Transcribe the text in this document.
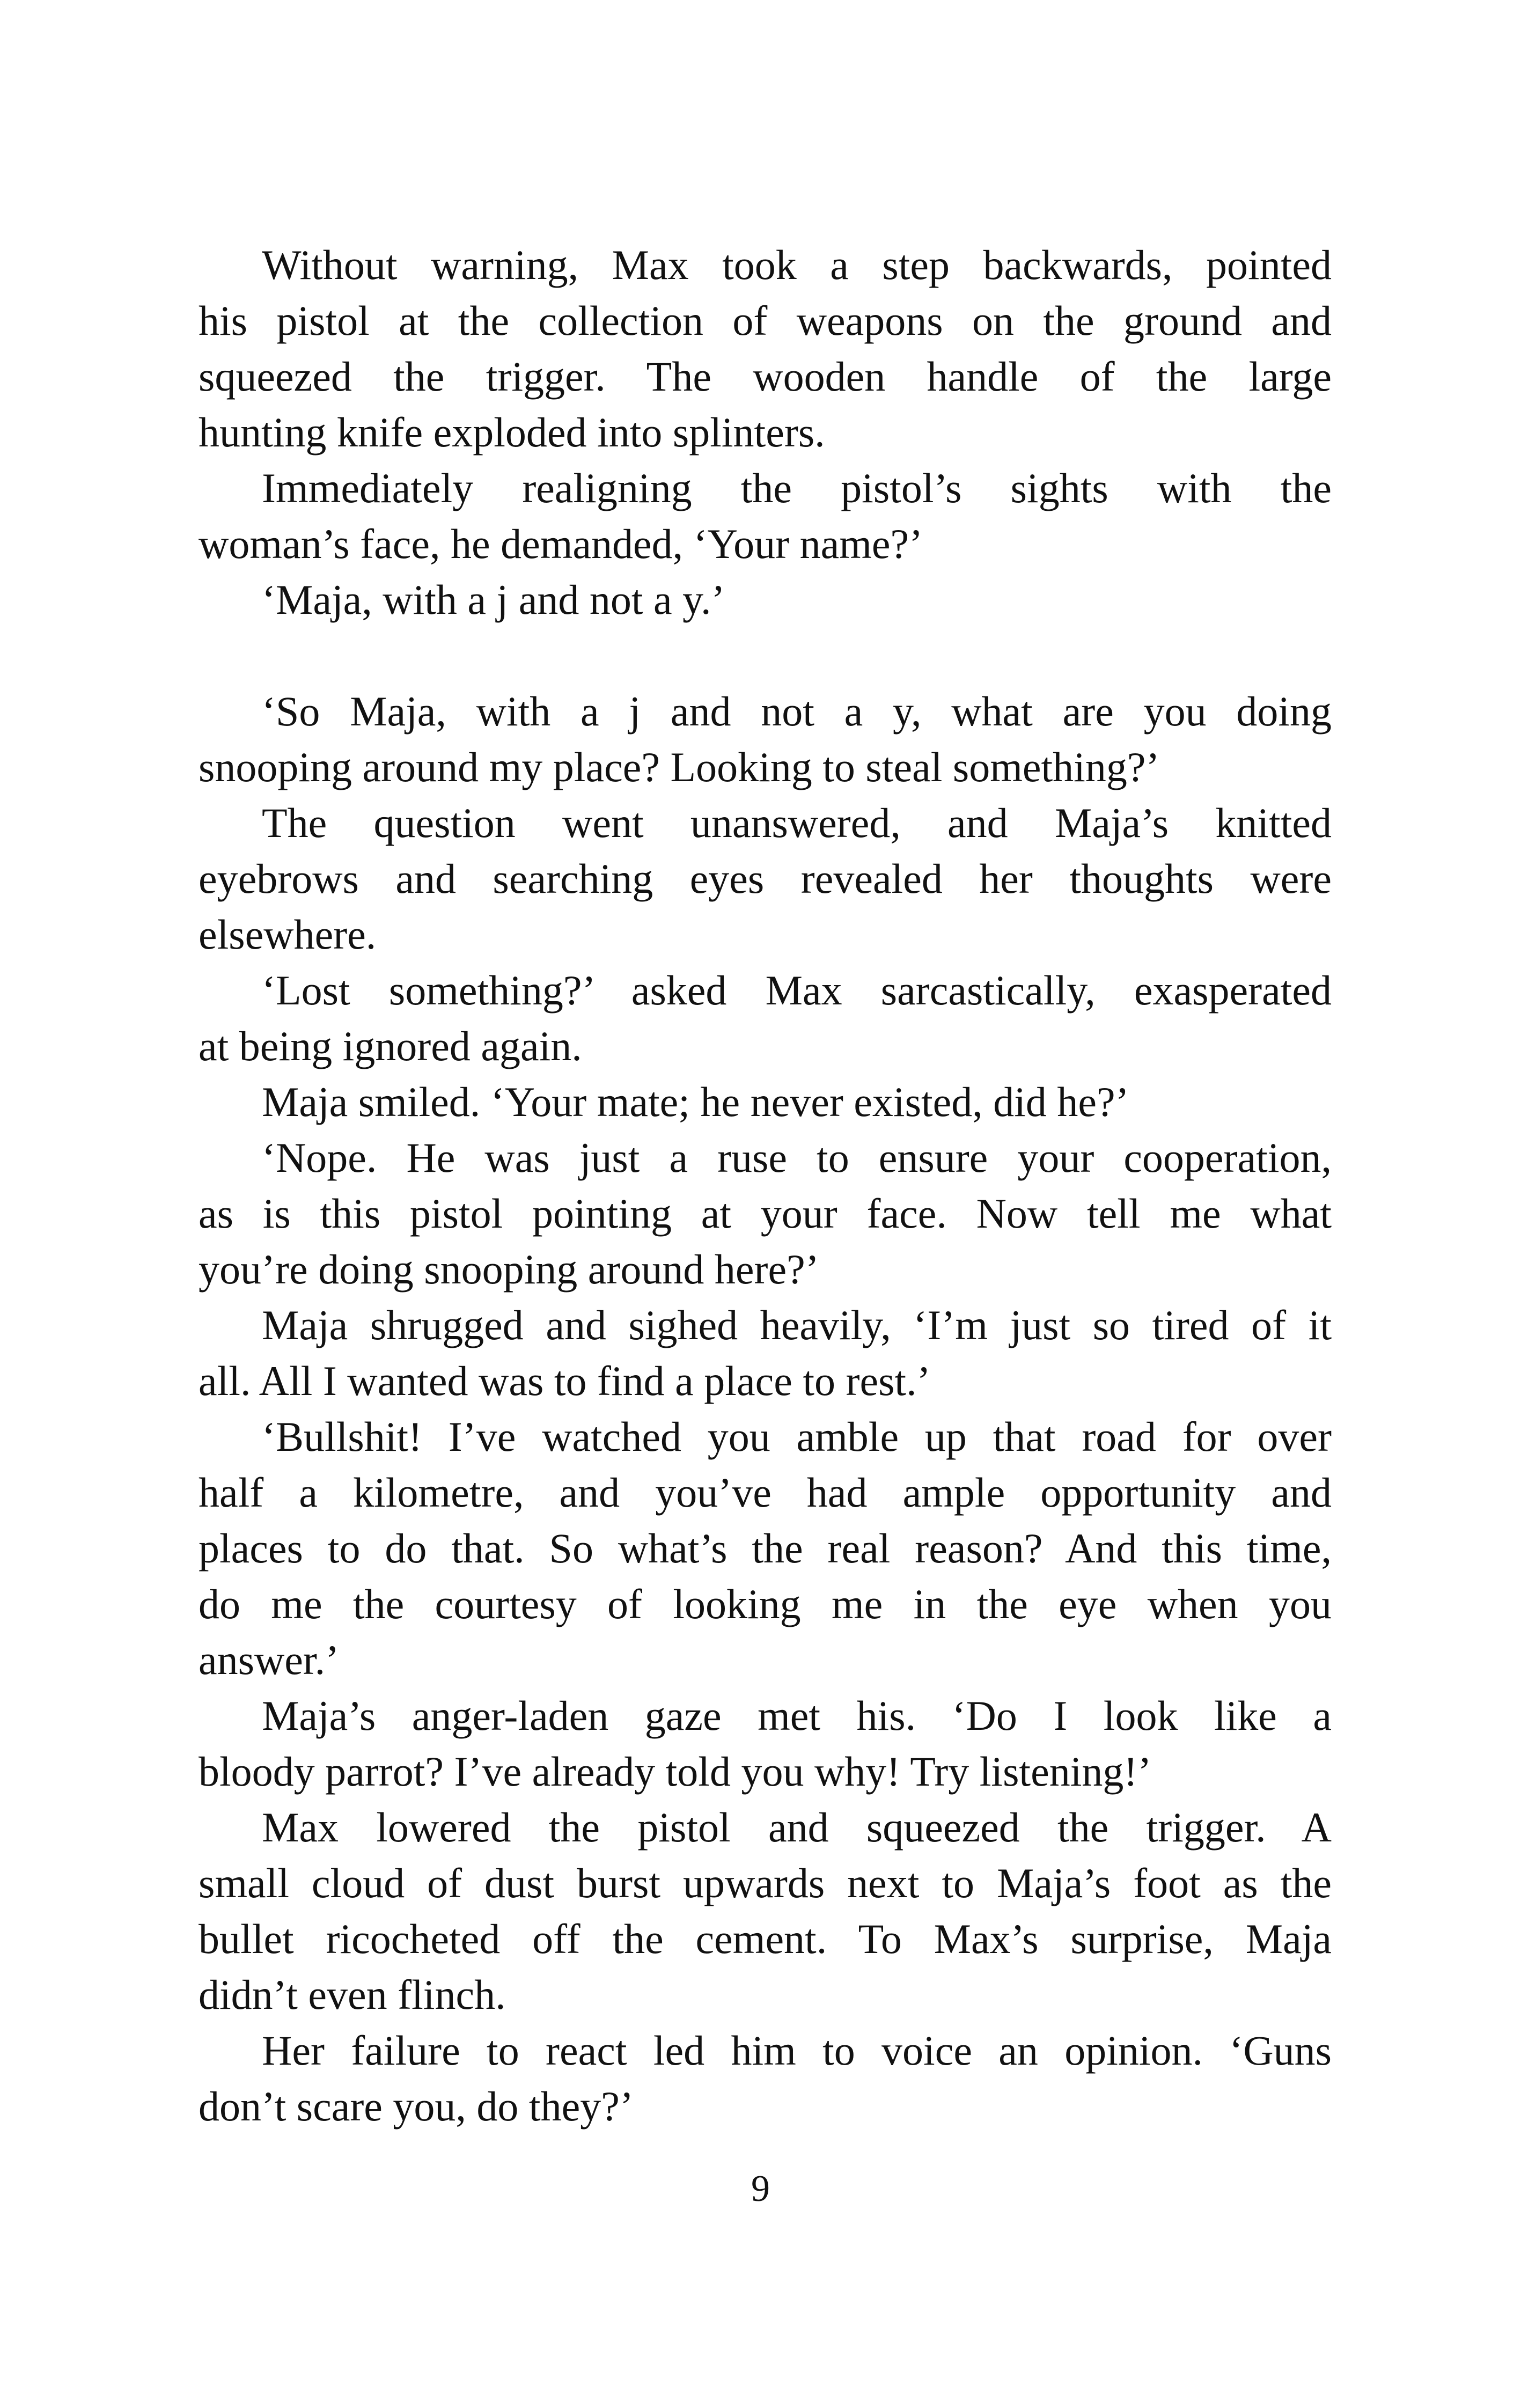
Without warning, Max took a step backwards, pointed
his pistol at the collection of weapons on the ground and
squeezed the trigger. The wooden handle of the large
hunting knife exploded into splinters.
Immediately realigning the pistol’s sights with the
woman’s face, he demanded, ‘Your name?’
‘Maja, with a j and not a y.’
‘So Maja, with a j and not a y, what are you doing
snooping around my place? Looking to steal something?’
The question went unanswered, and Maja’s knitted
eyebrows and searching eyes revealed her thoughts were
elsewhere.
‘Lost something?’ asked Max sarcastically, exasperated
at being ignored again.
Maja smiled. ‘Your mate; he never existed, did he?’
‘Nope. He was just a ruse to ensure your cooperation,
as is this pistol pointing at your face. Now tell me what
you’re doing snooping around here?’
Maja shrugged and sighed heavily, ‘I’m just so tired of it
all. All I wanted was to find a place to rest.’
‘Bullshit! I’ve watched you amble up that road for over
half a kilometre, and you’ve had ample opportunity and
places to do that. So what’s the real reason? And this time,
do me the courtesy of looking me in the eye when you
answer.’
Maja’s anger-laden gaze met his. ‘Do I look like a
bloody parrot? I’ve already told you why! Try listening!’
Max lowered the pistol and squeezed the trigger. A
small cloud of dust burst upwards next to Maja’s foot as the
bullet ricocheted off the cement. To Max’s surprise, Maja
didn’t even flinch.
Her failure to react led him to voice an opinion. ‘Guns
don’t scare you, do they?’
9
